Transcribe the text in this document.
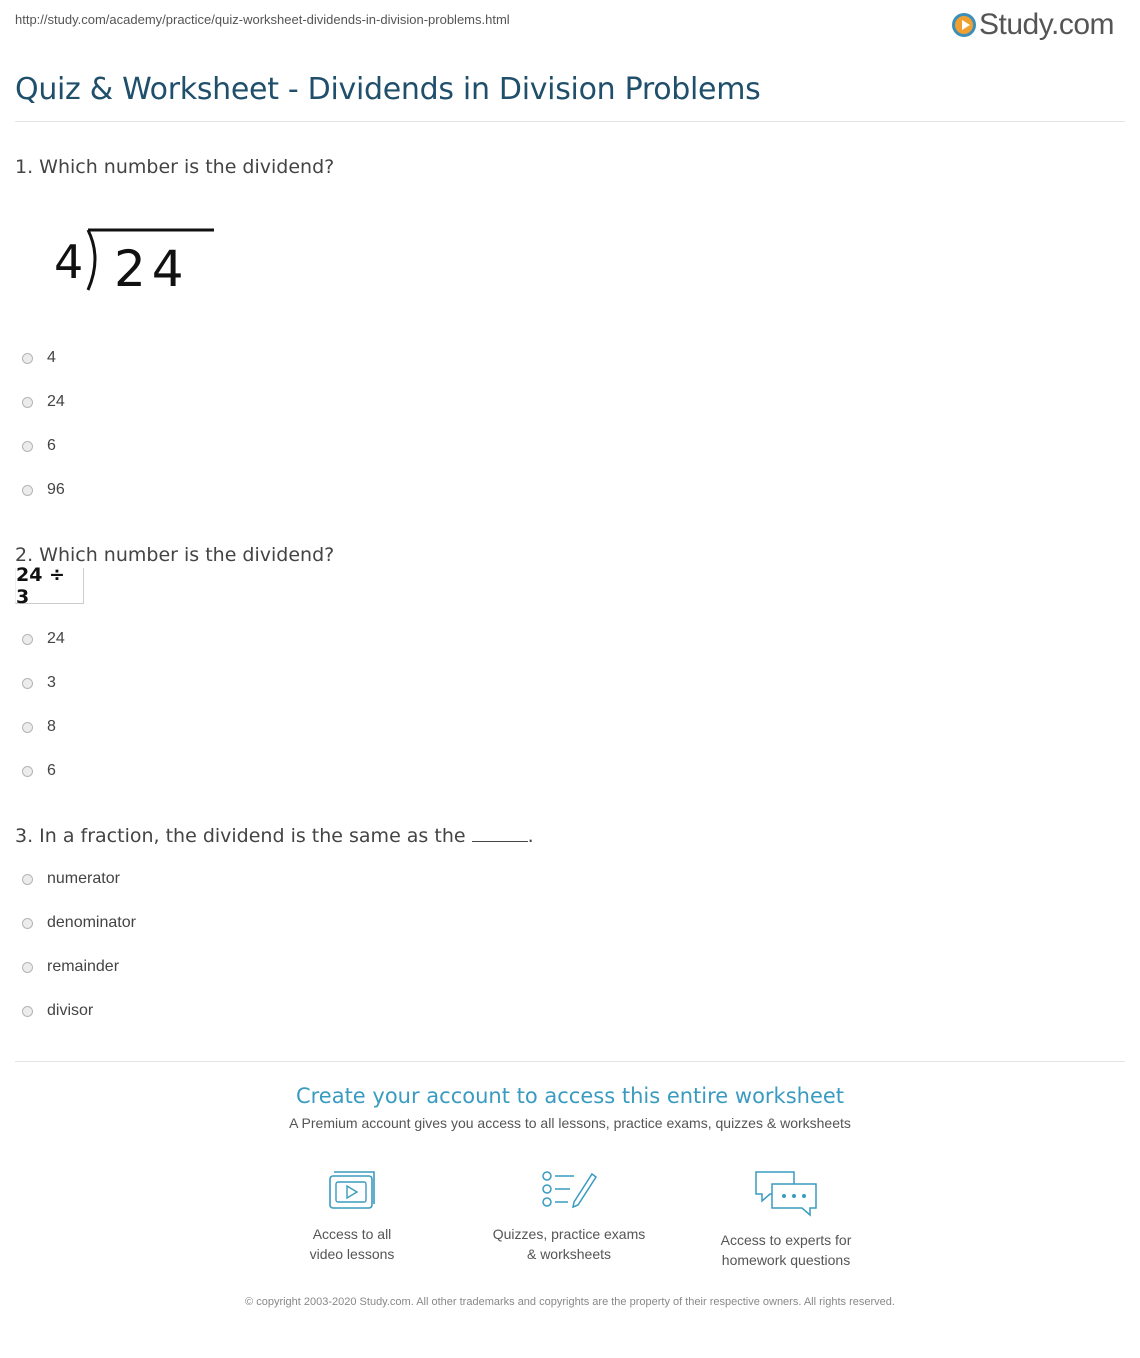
http://study.com/academy/practice/quiz-worksheet-dividends-in-division-problems.html	Study.com
Quiz & Worksheet - Dividends in Division Problems
1. Which number is the dividend?
4 24
4
24
6
96
2. Which number is the dividend?
24 ÷ 3
24
3
8
6
3. In a fraction, the dividend is the same as the	.
numerator
denominator
remainder
divisor
Create your account to access this entire worksheet
A Premium account gives you access to all lessons, practice exams, quizzes & worksheets
Access to all
video lessons
Quizzes, practice exams
& worksheets
Access to experts for
homework questions
© copyright 2003-2020 Study.com. All other trademarks and copyrights are the property of their respective owners. All rights reserved.
